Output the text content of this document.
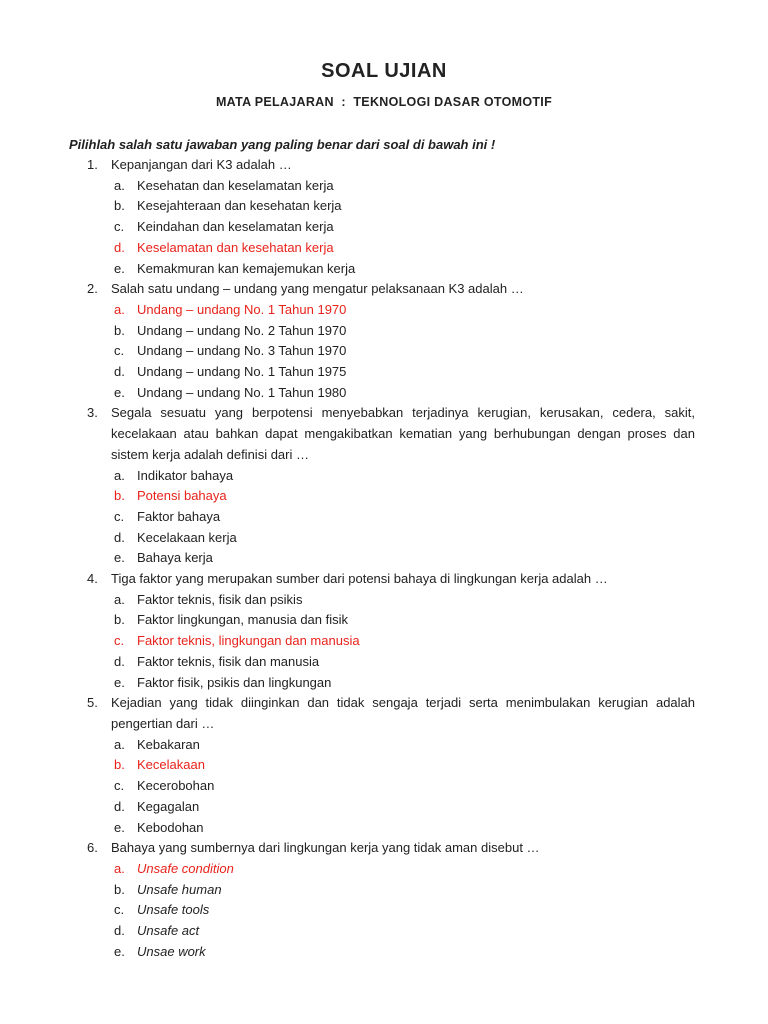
SOAL UJIAN
MATA PELAJARAN  :  TEKNOLOGI DASAR OTOMOTIF
Pilihlah salah satu jawaban yang paling benar dari soal di bawah ini !
1.	Kepanjangan dari K3 adalah …
a. Kesehatan dan keselamatan kerja
b. Kesejahteraan dan kesehatan kerja
c. Keindahan dan keselamatan kerja
d. Keselamatan dan kesehatan kerja
e. Kemakmuran kan kemajemukan kerja
2.	Salah satu undang – undang yang mengatur pelaksanaan K3 adalah …
a. Undang – undang No. 1 Tahun 1970
b. Undang – undang No. 2 Tahun 1970
c. Undang – undang No. 3 Tahun 1970
d. Undang – undang No. 1 Tahun 1975
e. Undang – undang No. 1 Tahun 1980
3.	Segala sesuatu yang berpotensi menyebabkan terjadinya kerugian, kerusakan, cedera, sakit, kecelakaan atau bahkan dapat mengakibatkan kematian yang berhubungan dengan proses dan sistem kerja adalah definisi dari …
a. Indikator bahaya
b. Potensi bahaya
c. Faktor bahaya
d. Kecelakaan kerja
e. Bahaya kerja
4.	Tiga faktor yang merupakan sumber dari potensi bahaya di lingkungan kerja adalah …
a. Faktor teknis, fisik dan psikis
b. Faktor lingkungan, manusia dan fisik
c. Faktor teknis, lingkungan dan manusia
d. Faktor teknis, fisik dan manusia
e. Faktor fisik, psikis dan lingkungan
5.	Kejadian yang tidak diinginkan dan tidak sengaja terjadi serta menimbulakan kerugian adalah pengertian dari …
a. Kebakaran
b. Kecelakaan
c. Kecerobohan
d. Kegagalan
e. Kebodohan
6.	Bahaya yang sumbernya dari lingkungan kerja yang tidak aman disebut …
a. Unsafe condition
b. Unsafe human
c. Unsafe tools
d. Unsafe act
e. Unsae work
